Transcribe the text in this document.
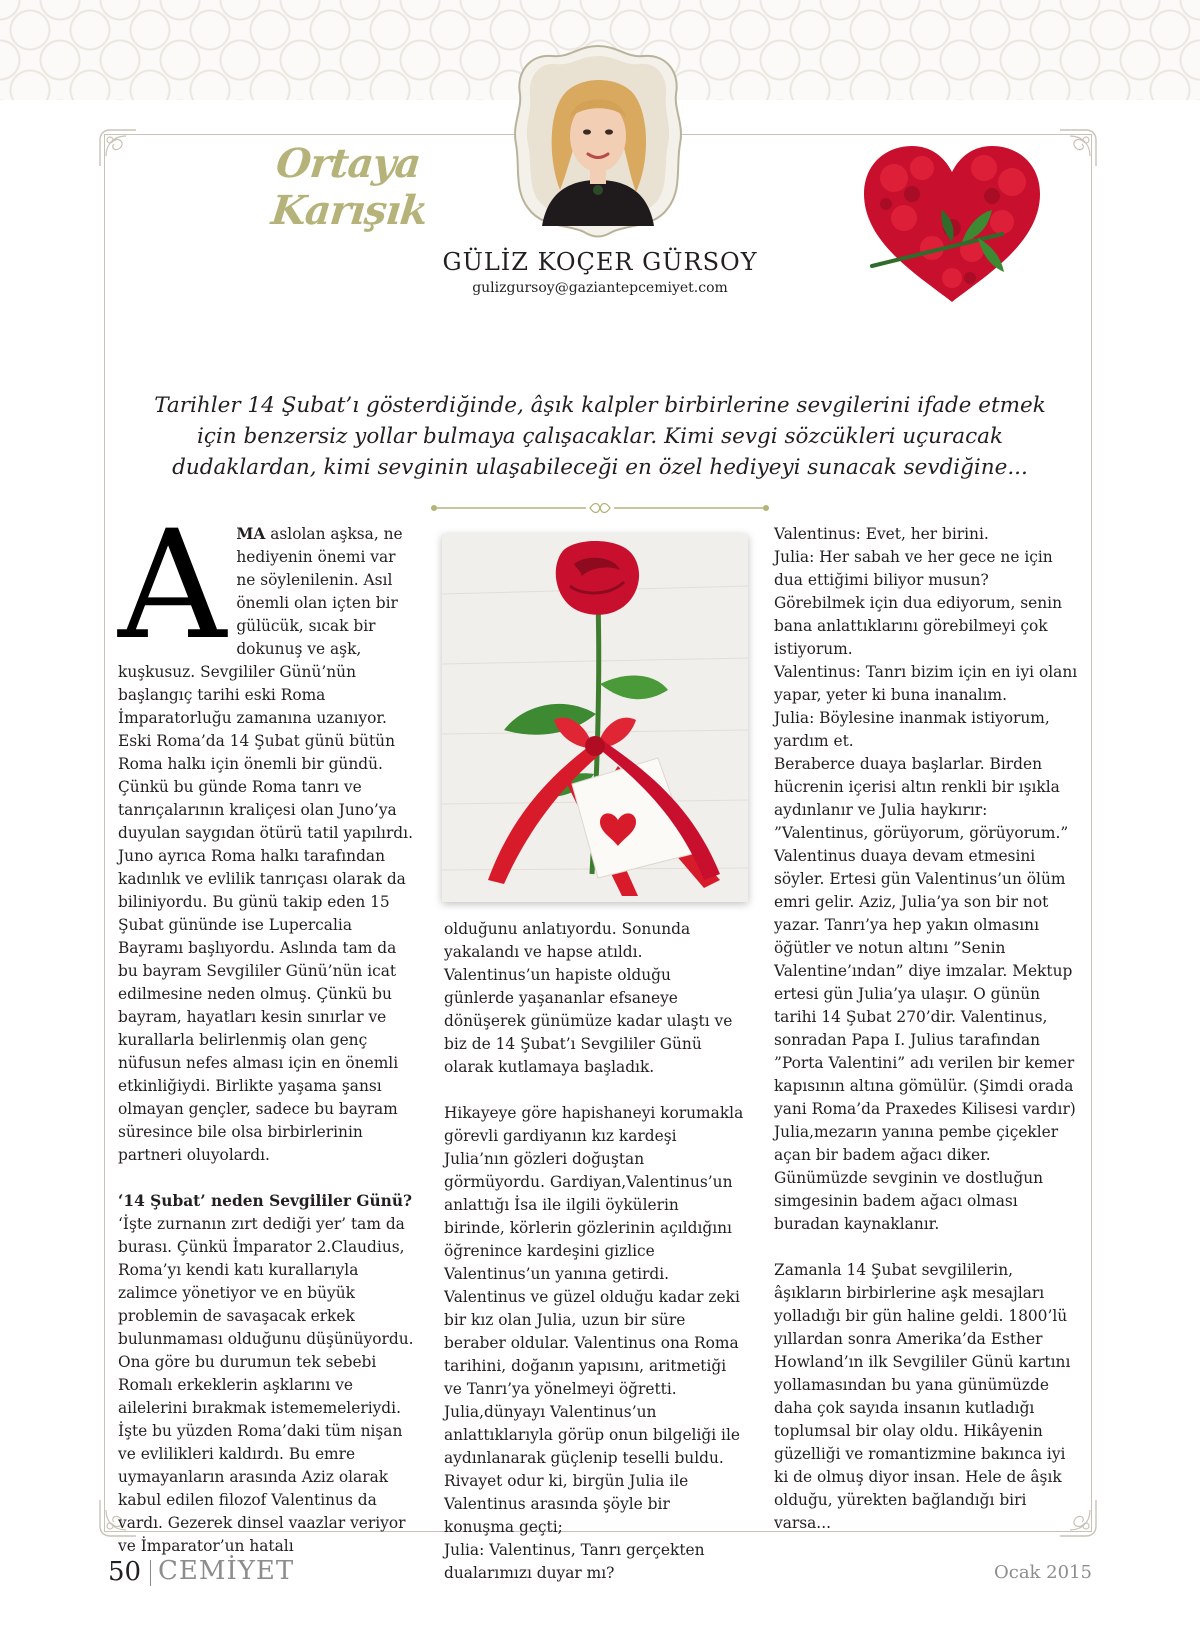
Ortaya Karışık

GÜLİZ KOÇER GÜRSOY

gulizgursoy@gaziantepcemiyet.com

Tarihler 14 Şubat’ı gösterdiğinde, âşık kalpler birbirlerine sevgilerini ifade etmek için benzersiz yollar bulmaya çalışacaklar. Kimi sevgi sözcükleri uçuracak dudaklardan, kimi sevginin ulaşabileceği en özel hediyeyi sunacak sevdiğine...

A MA aslolan aşksa, ne hediyenin önemi var ne söylenilenin. Asıl önemli olan içten bir gülücük, sıcak bir dokunuş ve aşk, kuşkusuz. Sevgililer Günü’nün başlangıç tarihi eski Roma İmparatorluğu zamanına uzanıyor. Eski Roma’da 14 Şubat günü bütün Roma halkı için önemli bir gündü. Çünkü bu günde Roma tanrı ve tanrıçalarının kraliçesi olan Juno’ya duyulan saygıdan ötürü tatil yapılırdı. Juno ayrıca Roma halkı tarafından kadınlık ve evlilik tanrıçası olarak da biliniyordu. Bu günü takip eden 15 Şubat gününde ise Lupercalia Bayramı başlıyordu. Aslında tam da bu bayram Sevgililer Günü’nün icat edilmesine neden olmuş. Çünkü bu bayram, hayatları kesin sınırlar ve kurallarla belirlenmiş olan genç nüfusun nefes alması için en önemli etkinliğiydi. Birlikte yaşama şansı olmayan gençler, sadece bu bayram süresince bile olsa birbirlerinin partneri oluyolardı.

‘14 Şubat’ neden Sevgililer Günü?

‘İşte zurnanın zırt dediği yer’ tam da burası. Çünkü İmparator 2.Claudius, Roma’yı kendi katı kurallarıyla zalimce yönetiyor ve en büyük problemin de savaşacak erkek bulunmaması olduğunu düşünüyordu. Ona göre bu durumun tek sebebi Romalı erkeklerin aşklarını ve ailelerini bırakmak istememeleriydi. İşte bu yüzden Roma’daki tüm nişan ve evlilikleri kaldırdı. Bu emre uymayanların arasında Aziz olarak kabul edilen filozof Valentinus da vardı. Gezerek dinsel vaazlar veriyor ve İmparator’un hatalı

olduğunu anlatıyordu. Sonunda yakalandı ve hapse atıldı. Valentinus’un hapiste olduğu günlerde yaşananlar efsaneye dönüşerek günümüze kadar ulaştı ve biz de 14 Şubat’ı Sevgililer Günü olarak kutlamaya başladık.

Hikayeye göre hapishaneyi korumakla görevli gardiyanın kız kardeşi Julia’nın gözleri doğuştan görmüyordu. Gardiyan,Valentinus’un anlattığı İsa ile ilgili öykülerin birinde, körlerin gözlerinin açıldığını öğrenince kardeşini gizlice Valentinus’un yanına getirdi. Valentinus ve güzel olduğu kadar zeki bir kız olan Julia, uzun bir süre beraber oldular. Valentinus ona Roma tarihini, doğanın yapısını, aritmetiği ve Tanrı’ya yönelmeyi öğretti. Julia,dünyayı Valentinus’un anlattıklarıyla görüp onun bilgeliği ile aydınlanarak güçlenip teselli buldu. Rivayet odur ki, birgün Julia ile Valentinus arasında şöyle bir konuşma geçti;

Julia: Valentinus, Tanrı gerçekten dualarımızı duyar mı?

Valentinus: Evet, her birini.

Julia: Her sabah ve her gece ne için dua ettiğimi biliyor musun? Görebilmek için dua ediyorum, senin bana anlattıklarını görebilmeyi çok istiyorum.

Valentinus: Tanrı bizim için en iyi olanı yapar, yeter ki buna inanalım.

Julia: Böylesine inanmak istiyorum, yardım et.

Beraberce duaya başlarlar. Birden hücrenin içerisi altın renkli bir ışıkla aydınlanır ve Julia haykırır: ”Valentinus, görüyorum, görüyorum.” Valentinus duaya devam etmesini söyler. Ertesi gün Valentinus’un ölüm emri gelir. Aziz, Julia’ya son bir not yazar. Tanrı’ya hep yakın olmasını öğütler ve notun altını ”Senin Valentine’ından” diye imzalar. Mektup ertesi gün Julia’ya ulaşır. O günün tarihi 14 Şubat 270’dir. Valentinus, sonradan Papa I. Julius tarafından ”Porta Valentini” adı verilen bir kemer kapısının altına gömülür. (Şimdi orada yani Roma’da Praxedes Kilisesi vardır) Julia,mezarın yanına pembe çiçekler açan bir badem ağacı diker. Günümüzde sevginin ve dostluğun simgesinin badem ağacı olması buradan kaynaklanır.

Zamanla 14 Şubat sevgililerin, âşıkların birbirlerine aşk mesajları yolladığı bir gün haline geldi. 1800’lü yıllardan sonra Amerika’da Esther Howland’ın ilk Sevgililer Günü kartını yollamasından bu yana günümüzde daha çok sayıda insanın kutladığı toplumsal bir olay oldu. Hikâyenin güzelliği ve romantizmine bakınca iyi ki de olmuş diyor insan. Hele de âşık olduğu, yürekten bağlandığı biri varsa...

50 CEMİYET	Ocak 2015
